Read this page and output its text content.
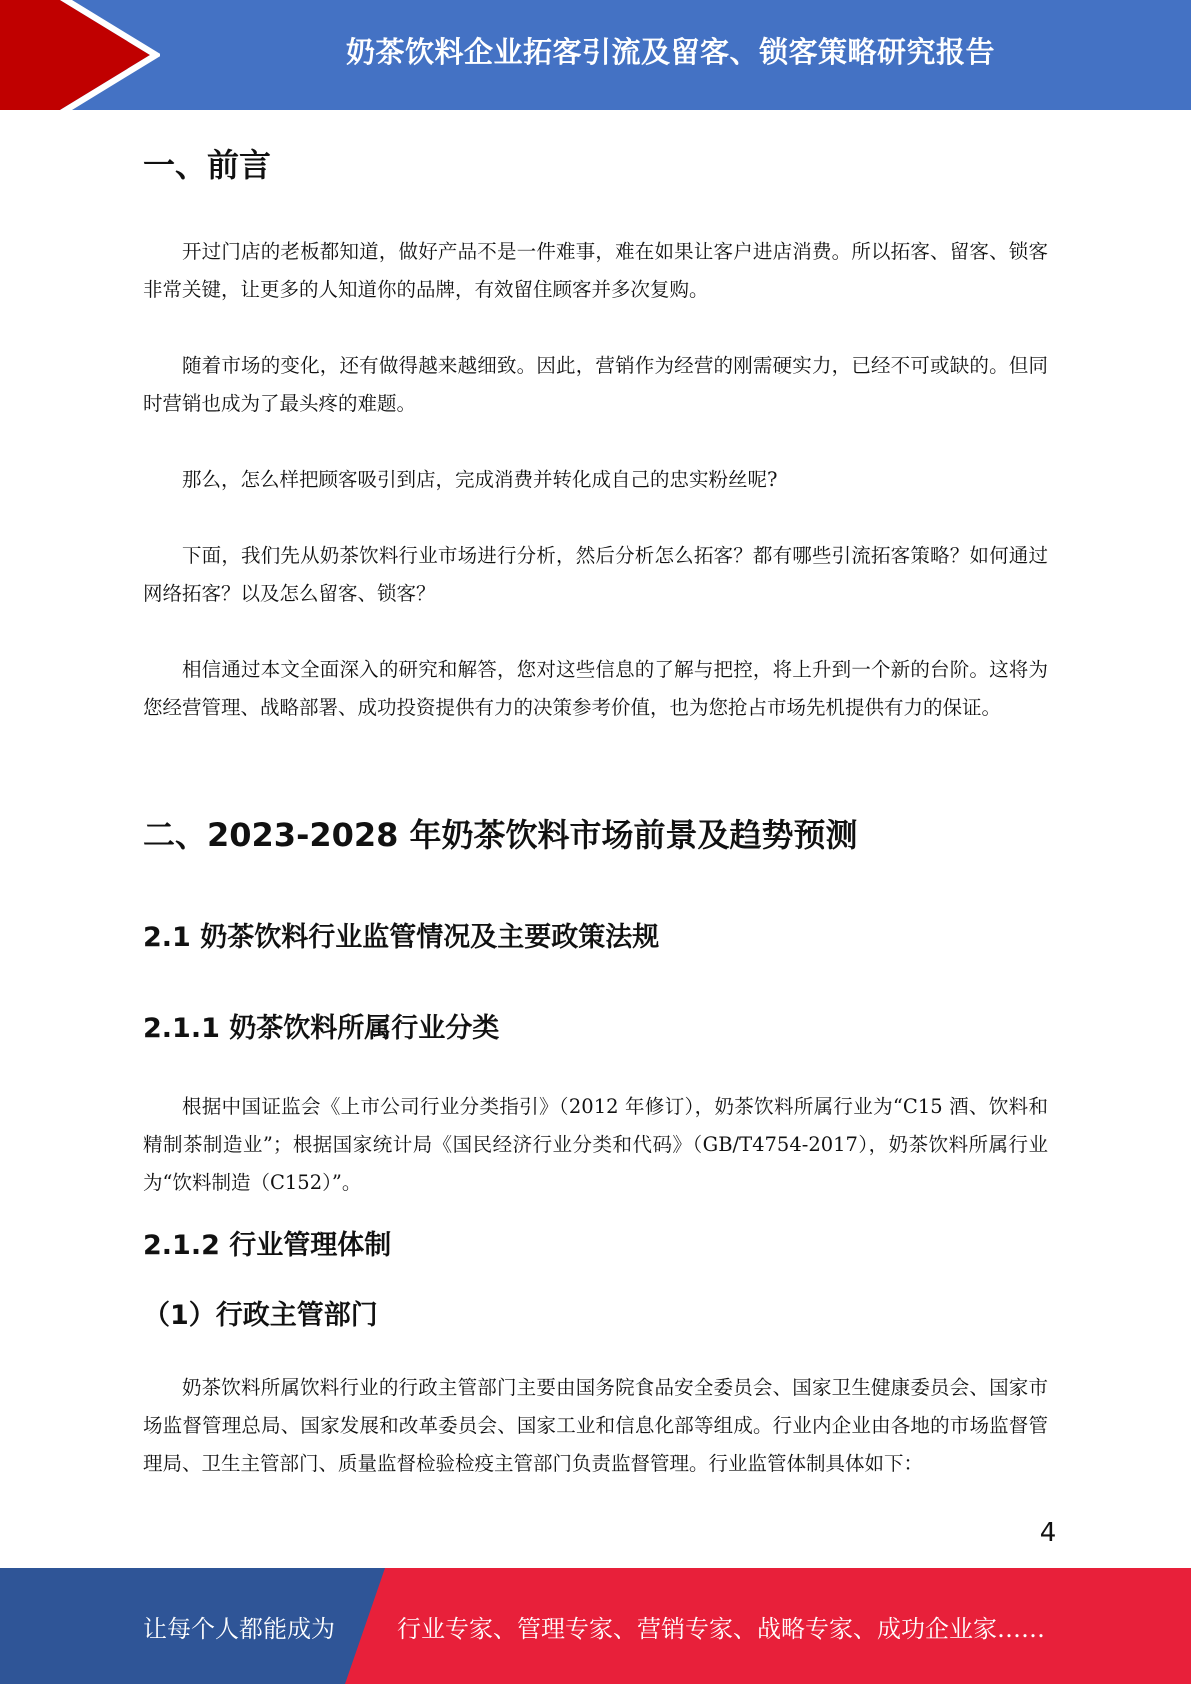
奶茶饮料企业拓客引流及留客、锁客策略研究报告
一、前言

开过门店的老板都知道，做好产品不是一件难事，难在如果让客户进店消费。所以拓客、留客、锁客非常关键，让更多的人知道你的品牌，有效留住顾客并多次复购。

随着市场的变化，还有做得越来越细致。因此，营销作为经营的刚需硬实力，已经不可或缺的。但同时营销也成为了最头疼的难题。

那么，怎么样把顾客吸引到店，完成消费并转化成自己的忠实粉丝呢?

下面，我们先从奶茶饮料行业市场进行分析，然后分析怎么拓客？都有哪些引流拓客策略？如何通过网络拓客？以及怎么留客、锁客？

相信通过本文全面深入的研究和解答，您对这些信息的了解与把控，将上升到一个新的台阶。这将为您经营管理、战略部署、成功投资提供有力的决策参考价值，也为您抢占市场先机提供有力的保证。

二、2023-2028 年奶茶饮料市场前景及趋势预测
2.1 奶茶饮料行业监管情况及主要政策法规
2.1.1 奶茶饮料所属行业分类

根据中国证监会《上市公司行业分类指引》（2012 年修订），奶茶饮料所属行业为“C15 酒、饮料和精制茶制造业”；根据国家统计局《国民经济行业分类和代码》（GB/T4754-2017），奶茶饮料所属行业为“饮料制造（C152）”。

2.1.2 行业管理体制
（1）行政主管部门

奶茶饮料所属饮料行业的行政主管部门主要由国务院食品安全委员会、国家卫生健康委员会、国家市场监督管理总局、国家发展和改革委员会、国家工业和信息化部等组成。行业内企业由各地的市场监督管理局、卫生主管部门、质量监督检验检疫主管部门负责监督管理。行业监管体制具体如下：

4
让每个人都能成为	行业专家、管理专家、营销专家、战略专家、成功企业家……
